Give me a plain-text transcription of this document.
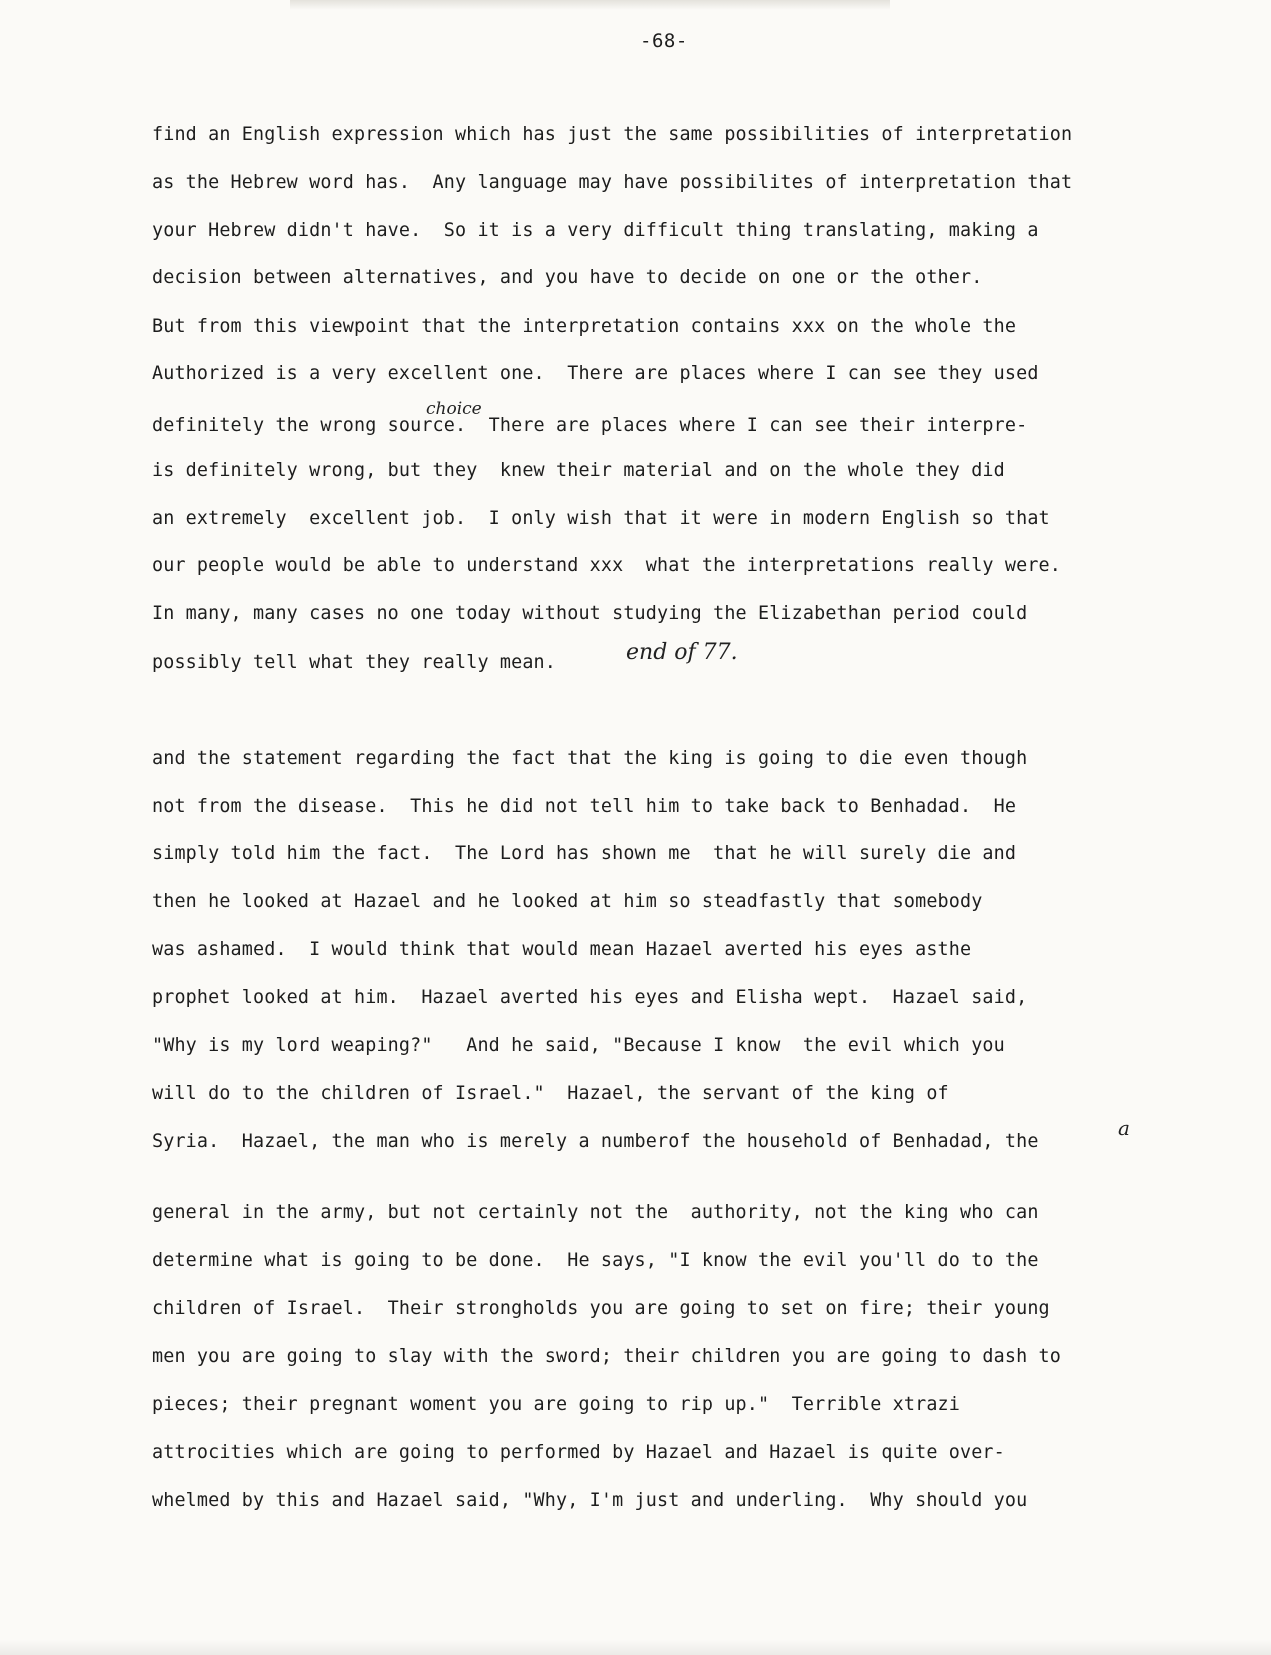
-68-
find an English expression which has just the same possibilities of interpretation
as the Hebrew word has.  Any language may have possibilites of interpretation that
your Hebrew didn't have.  So it is a very difficult thing translating, making a
decision between alternatives, and you have to decide on one or the other.
But from this viewpoint that the interpretation contains xxx on the whole the
Authorized is a very excellent one.  There are places where I can see they used
definitely the wrong source.  There are places where I can see their interpre-
is definitely wrong, but they  knew their material and on the whole they did
an extremely  excellent job.  I only wish that it were in modern English so that
our people would be able to understand xxx  what the interpretations really were.
In many, many cases no one today without studying the Elizabethan period could
possibly tell what they really mean.
choice
end of 77.
a
and the statement regarding the fact that the king is going to die even though
not from the disease.  This he did not tell him to take back to Benhadad.  He
simply told him the fact.  The Lord has shown me  that he will surely die and
then he looked at Hazael and he looked at him so steadfastly that somebody
was ashamed.  I would think that would mean Hazael averted his eyes asthe
prophet looked at him.  Hazael averted his eyes and Elisha wept.  Hazael said,
"Why is my lord weaping?"   And he said, "Because I know  the evil which you
will do to the children of Israel."  Hazael, the servant of the king of
Syria.  Hazael, the man who is merely a numberof the household of Benhadad, the
general in the army, but not certainly not the  authority, not the king who can
determine what is going to be done.  He says, "I know the evil you'll do to the
children of Israel.  Their strongholds you are going to set on fire; their young
men you are going to slay with the sword; their children you are going to dash to
pieces; their pregnant woment you are going to rip up."  Terrible xtrazi
attrocities which are going to performed by Hazael and Hazael is quite over-
whelmed by this and Hazael said, "Why, I'm just and underling.  Why should you
